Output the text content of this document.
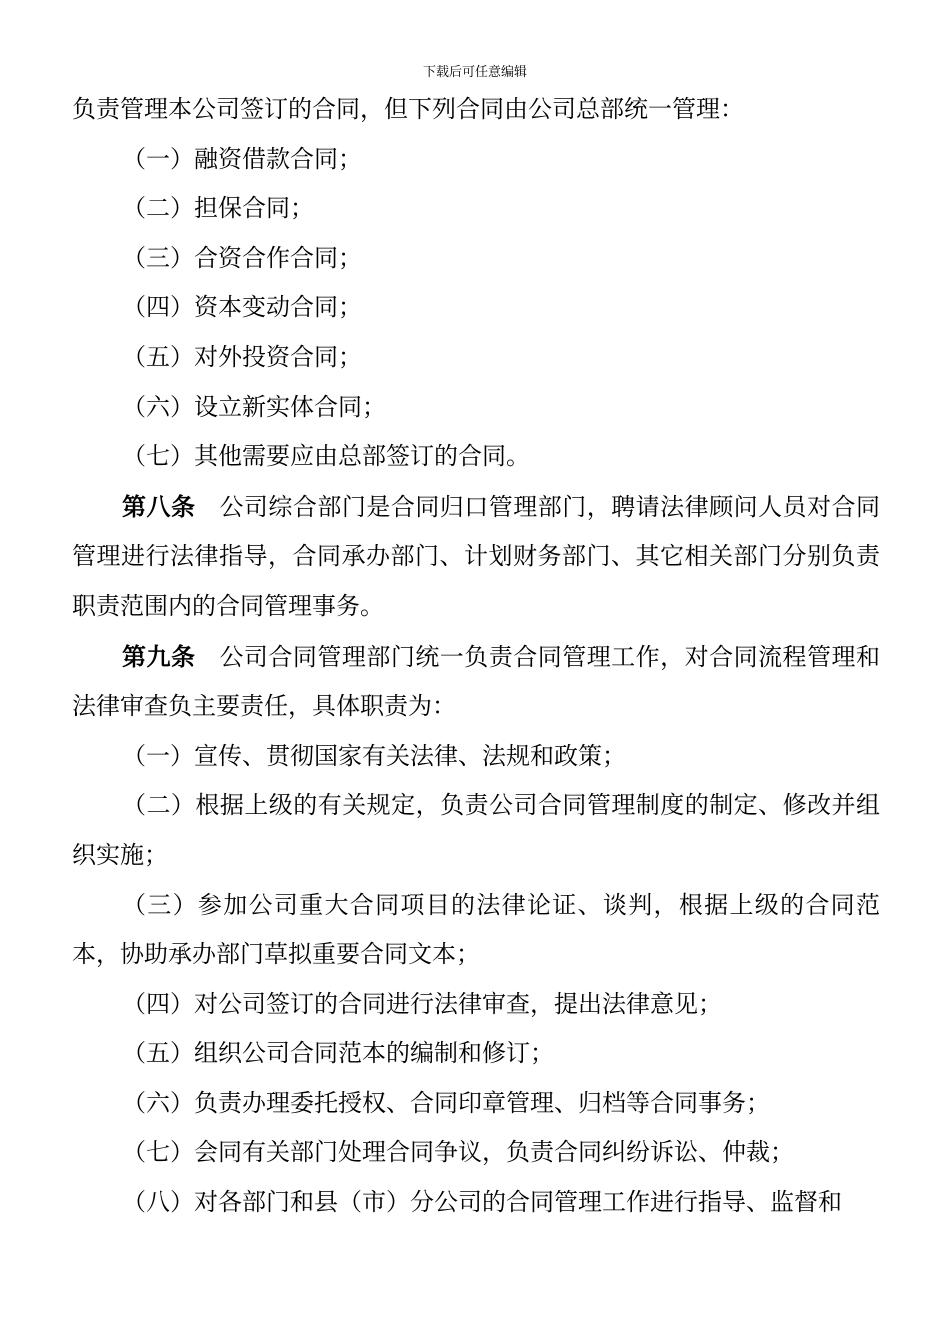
下载后可任意编辑

负责管理本公司签订的合同，但下列合同由公司总部统一管理：

（一）融资借款合同；

（二）担保合同；

（三）合资合作合同；

（四）资本变动合同；

（五）对外投资合同；

（六）设立新实体合同；

（七）其他需要应由总部签订的合同。

第八条 公司综合部门是合同归口管理部门，聘请法律顾问人员对合同管理进行法律指导，合同承办部门、计划财务部门、其它相关部门分别负责职责范围内的合同管理事务。

第九条 公司合同管理部门统一负责合同管理工作，对合同流程管理和法律审查负主要责任，具体职责为：

（一）宣传、贯彻国家有关法律、法规和政策；

（二）根据上级的有关规定，负责公司合同管理制度的制定、修改并组织实施；

（三）参加公司重大合同项目的法律论证、谈判，根据上级的合同范本，协助承办部门草拟重要合同文本；

（四）对公司签订的合同进行法律审查，提出法律意见；

（五）组织公司合同范本的编制和修订；

（六）负责办理委托授权、合同印章管理、归档等合同事务；

（七）会同有关部门处理合同争议，负责合同纠纷诉讼、仲裁；

（八）对各部门和县（市）分公司的合同管理工作进行指导、监督和
